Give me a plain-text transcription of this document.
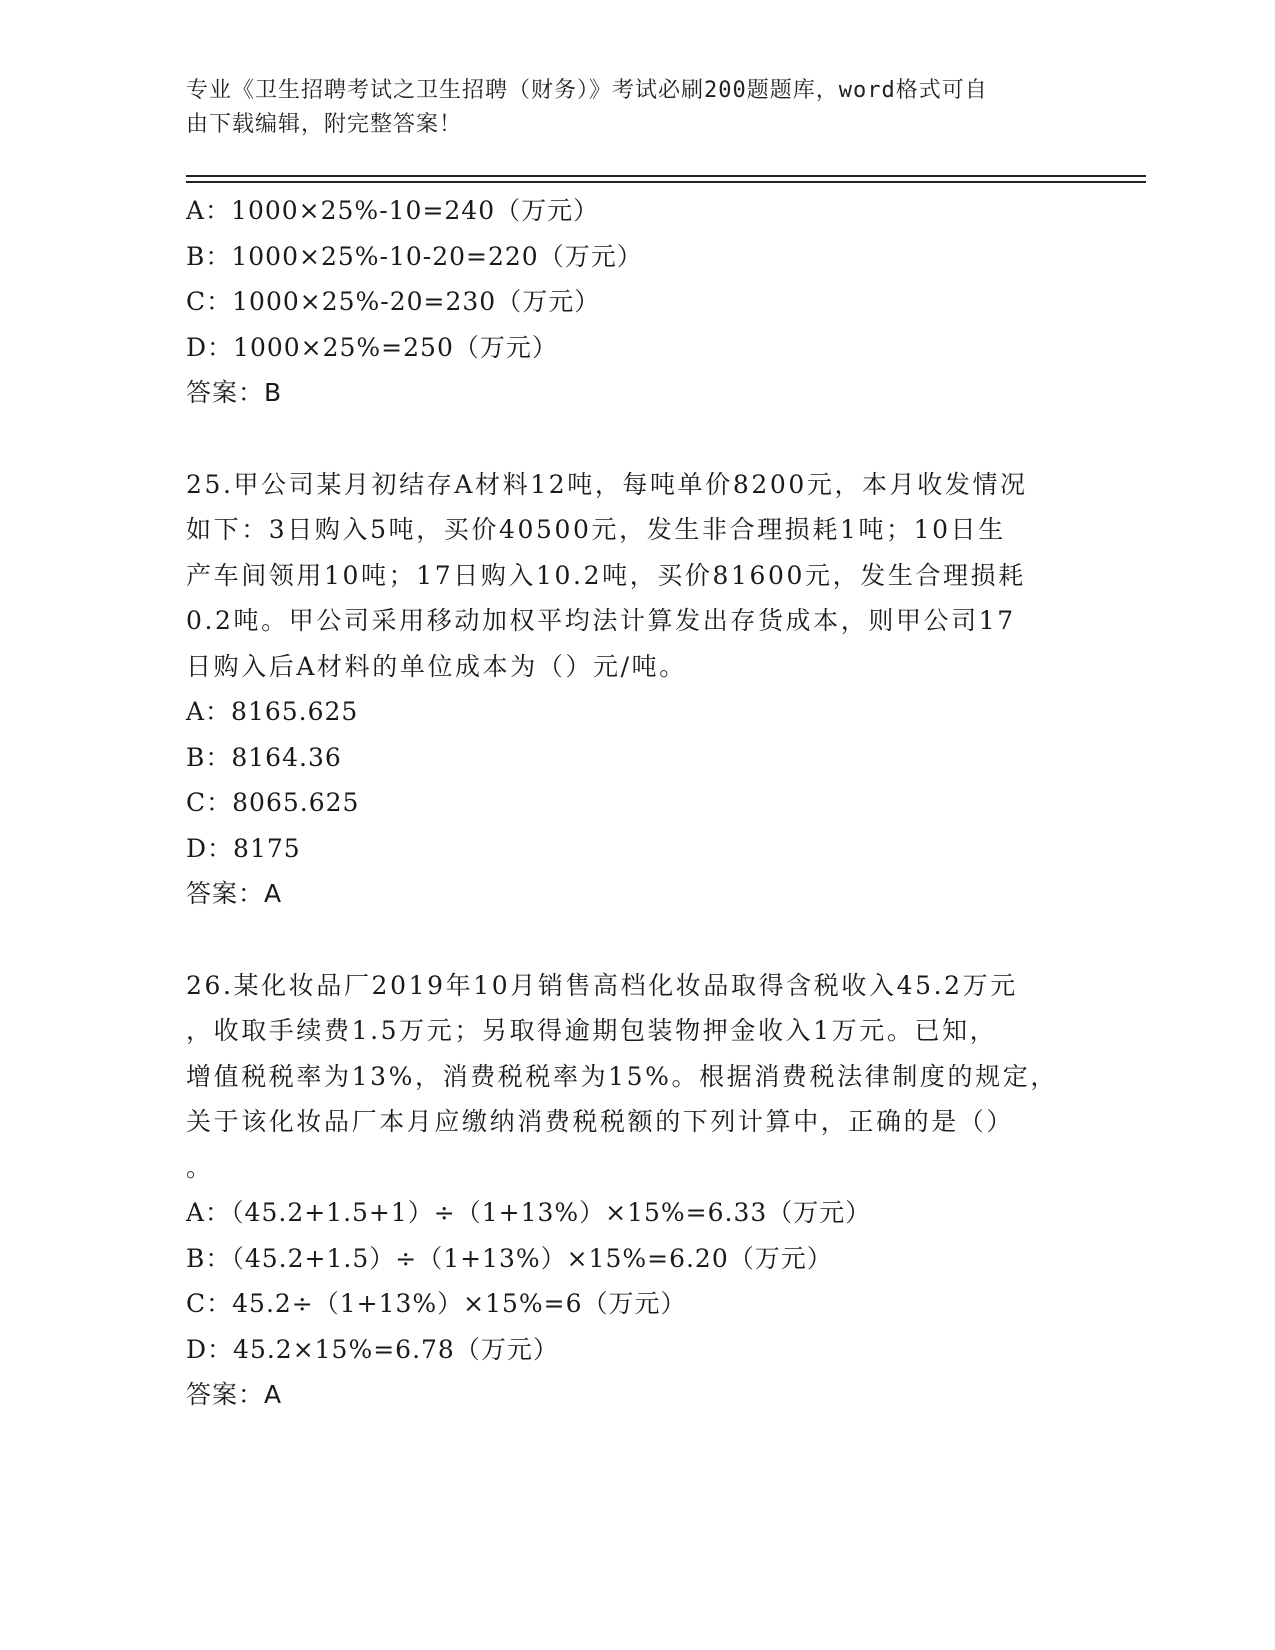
专业《卫生招聘考试之卫生招聘（财务）》考试必刷200题题库，word格式可自
由下载编辑，附完整答案！
A：1000×25%-10=240（万元）
B：1000×25%-10-20=220（万元）
C：1000×25%-20=230（万元）
D：1000×25%=250（万元）
答案：B
25.甲公司某月初结存A材料12吨，每吨单价8200元，本月收发情况
如下：3日购入5吨，买价40500元，发生非合理损耗1吨；10日生
产车间领用10吨；17日购入10.2吨，买价81600元，发生合理损耗
0.2吨。甲公司采用移动加权平均法计算发出存货成本，则甲公司17
日购入后A材料的单位成本为（）元/吨。
A：8165.625
B：8164.36
C：8065.625
D：8175
答案：A
26.某化妆品厂2019年10月销售高档化妆品取得含税收入45.2万元
，收取手续费1.5万元；另取得逾期包装物押金收入1万元。已知，
增值税税率为13%，消费税税率为15%。根据消费税法律制度的规定，
关于该化妆品厂本月应缴纳消费税税额的下列计算中，正确的是（）
。
A：（45.2+1.5+1）÷（1+13%）×15%=6.33（万元）
B：（45.2+1.5）÷（1+13%）×15%=6.20（万元）
C：45.2÷（1+13%）×15%=6（万元）
D：45.2×15%=6.78（万元）
答案：A
